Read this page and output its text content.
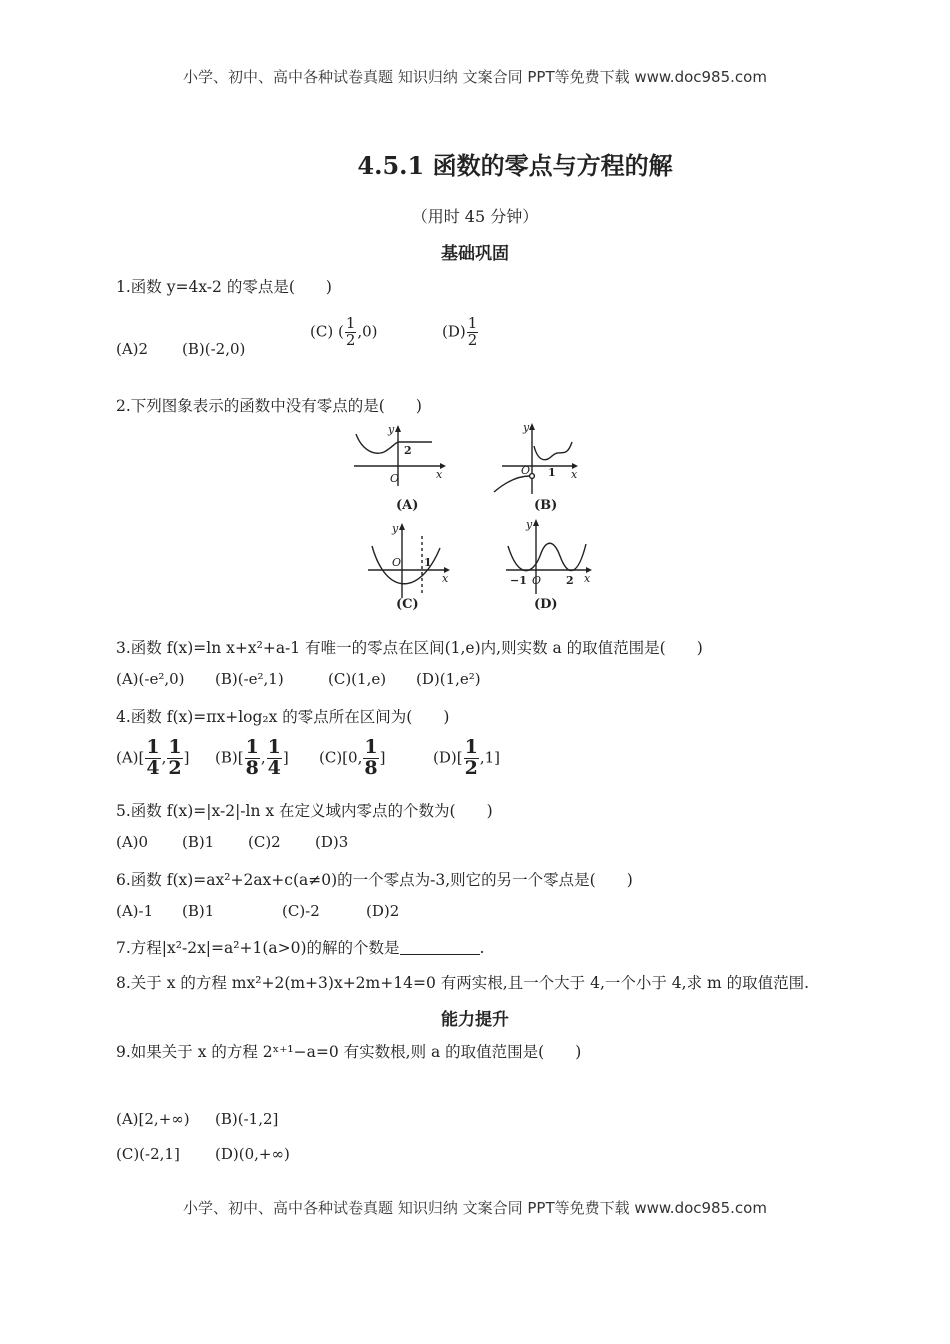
小学、初中、高中各种试卷真题 知识归纳 文案合同 PPT等免费下载 www.doc985.com
4.5.1 函数的零点与方程的解
（用时 45 分钟）
基础巩固
1.函数 y=4x-2 的零点是(　　)
(A)2 (B)(-2,0)
(C) ( $\frac{1}{2} ,0$)	$(D) \frac{1}{2}$
2.下列图象表示的函数中没有零点的是(　　)
y
2
O	x
(A)
y
O 1 x
(B)
y
O 1
x
(C)
y
−1 O 2 x
(D)
3.函数 f(x)=ln x+x²+a-1 有唯一的零点在区间(1,e)内,则实数 a 的取值范围是(　　)
(A)(-e²,0) (B)(-e²,1)	(C)(1,e) (D)(1,e²)
4.函数 f(x)=πx+log₂x 的零点所在区间为(　　)
$(A)[ \frac{1}{4}$ , $\frac{1}{2}$ ] $(B)[ \frac{1}{8}$ , $\frac{1}{4}$ ] (C)[0, $\frac{1}{8}$ ]	$(D)[ \frac{1}{2} ,1]$
5.函数 f(x)=|x-2|-ln x 在定义域内零点的个数为(　　)
(A)0 (B)1 (C)2 (D)3
6.函数 f(x)=ax²+2ax+c(a≠0)的一个零点为-3,则它的另一个零点是(　　)
(A)-1 (B)1	(C)-2	(D)2
7.方程|x²-2x|=a²+1(a>0)的解的个数是	.
8.关于 x 的方程 mx²+2(m+3)x+2m+14=0 有两实根,且一个大于 4,一个小于 4,求 m 的取值范围.
能力提升
9.如果关于 x 的方程 2ˣ⁺¹−a=0 有实数根,则 a 的取值范围是(　　)
(A)[2,+∞) (B)(-1,2]
(C)(-2,1] (D)(0,+∞)
小学、初中、高中各种试卷真题 知识归纳 文案合同 PPT等免费下载 www.doc985.com
